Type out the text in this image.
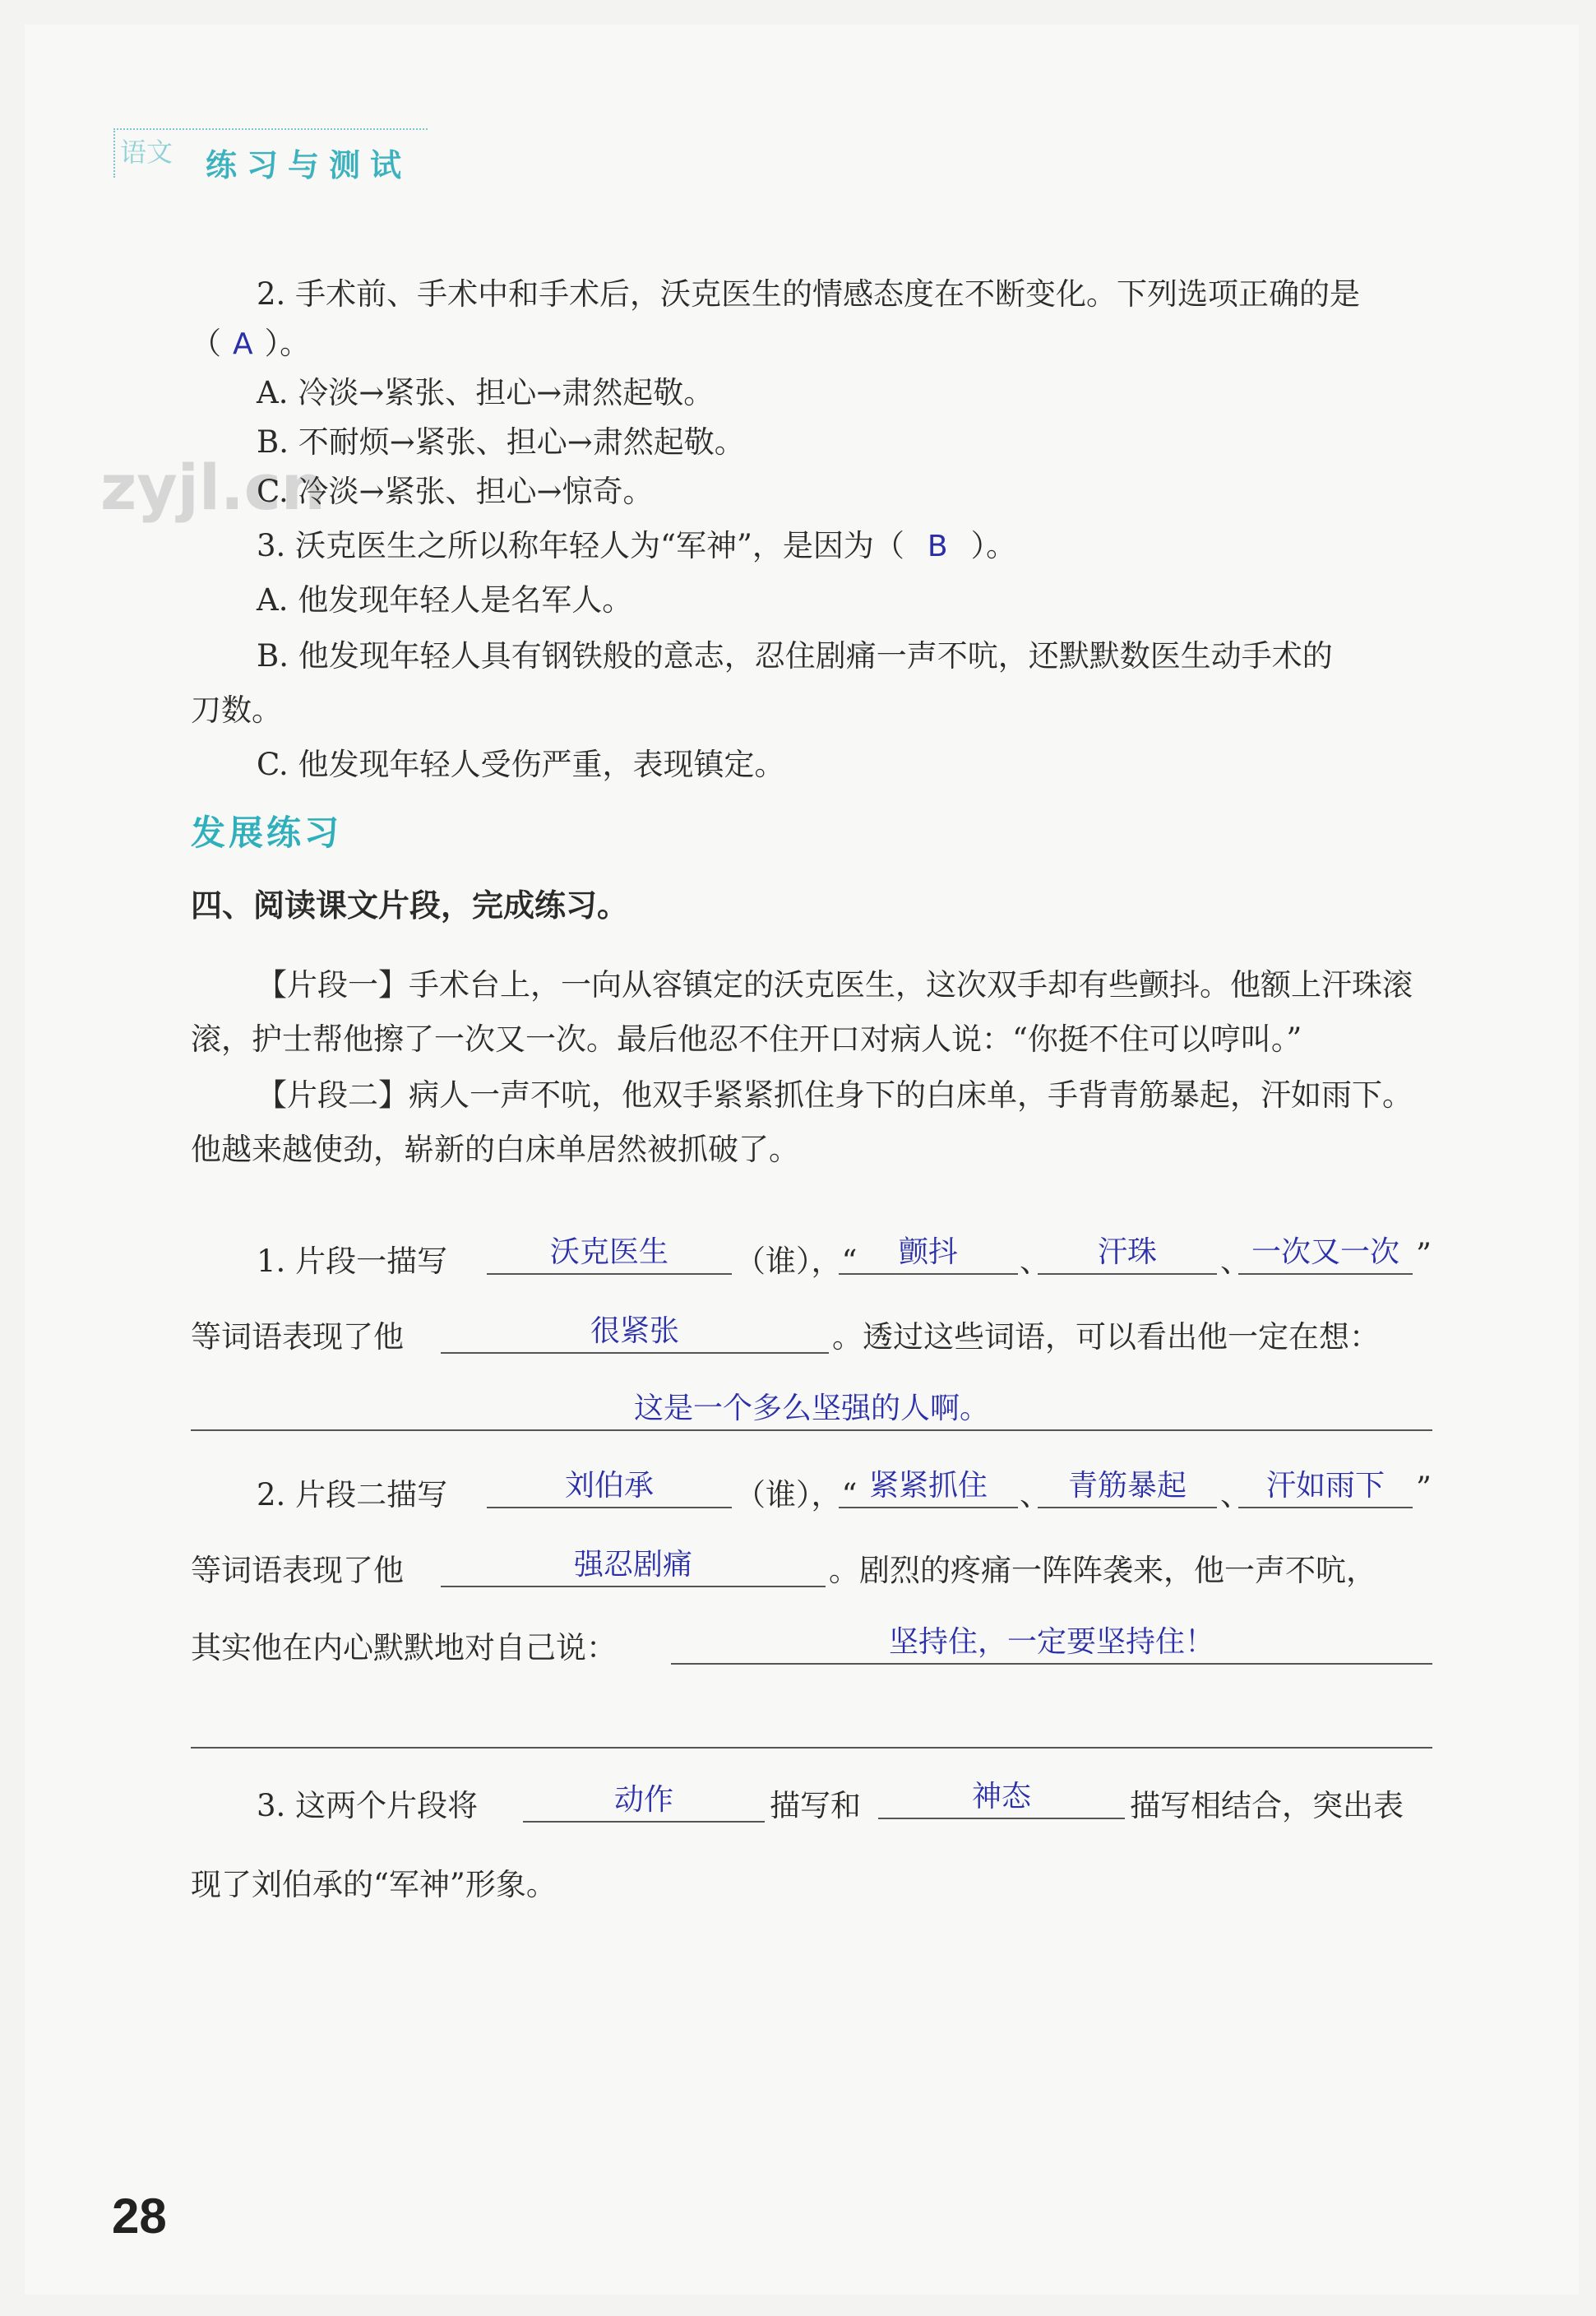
语文 练习与测试
zyjl.cn
2. 手术前、手术中和手术后，沃克医生的情感态度在不断变化。下列选项正确的是
（ A ）。
A. 冷淡→紧张、担心→肃然起敬。
B. 不耐烦→紧张、担心→肃然起敬。
C. 冷淡→紧张、担心→惊奇。
3. 沃克医生之所以称年轻人为“军神”，是因为（ B ）。
A. 他发现年轻人是名军人。
B. 他发现年轻人具有钢铁般的意志，忍住剧痛一声不吭，还默默数医生动手术的
刀数。
C. 他发现年轻人受伤严重，表现镇定。
发展练习
四、阅读课文片段，完成练习。
【片段一】手术台上，一向从容镇定的沃克医生，这次双手却有些颤抖。他额上汗珠滚
滚，护士帮他擦了一次又一次。最后他忍不住开口对病人说：“你挺不住可以哼叫。”
【片段二】病人一声不吭，他双手紧紧抓住身下的白床单，手背青筋暴起，汗如雨下。
他越来越使劲，崭新的白床单居然被抓破了。
1. 片段一描写	沃克医生	（谁），“	颤抖	、	汗珠	、 一次又一次 ”
等词语表现了他	很紧张	。透过这些词语，可以看出他一定在想：
这是一个多么坚强的人啊。
2. 片段二描写	刘伯承	（谁），“ 紧紧抓住	、 青筋暴起	、 汗如雨下	”
等词语表现了他	强忍剧痛	。剧烈的疼痛一阵阵袭来，他一声不吭，
其实他在内心默默地对自己说：	坚持住，一定要坚持住！
3. 这两个片段将	动作	描写和	神态	描写相结合，突出表
现了刘伯承的“军神”形象。
28
